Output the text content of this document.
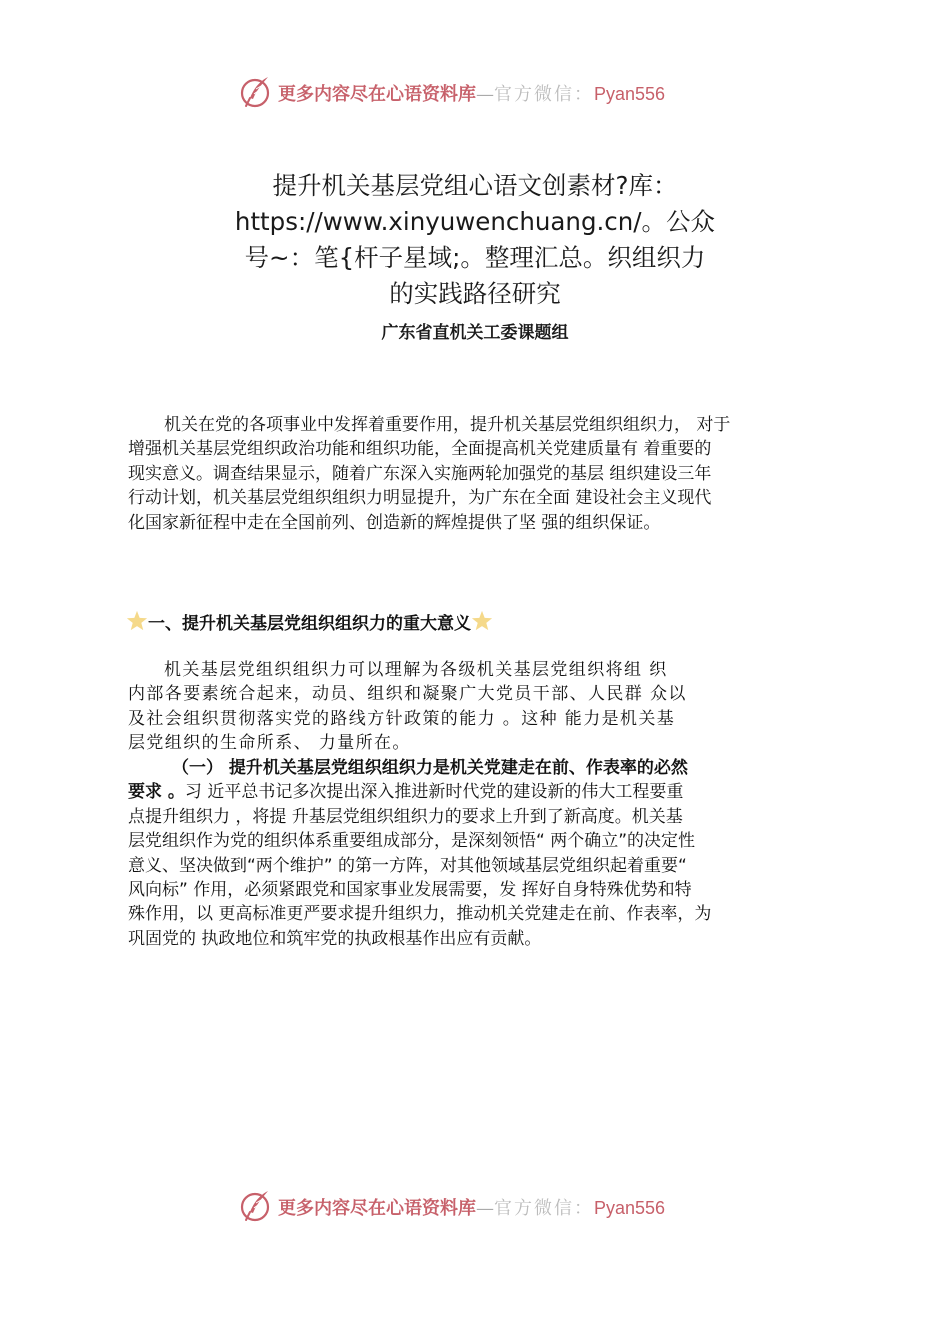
更多内容尽在心语资料库—官方微信：Pyan556
提升机关基层党组心语文创素材?库：
https://www.xinyuwenchuang.cn/。公众
号~：笔{杆子星域;。整理汇总。织组织力
的实践路径研究
广东省直机关工委课题组

机关在党的各项事业中发挥着重要作用，提升机关基层党组织组织力， 对于
增强机关基层党组织政治功能和组织功能，全面提高机关党建质量有 着重要的
现实意义。调查结果显示，随着广东深入实施两轮加强党的基层 组织建设三年
行动计划，机关基层党组织组织力明显提升，为广东在全面 建设社会主义现代
化国家新征程中走在全国前列、创造新的辉煌提供了坚 强的组织保证。

一、提升机关基层党组织组织力的重大意义

机关基层党组织组织力可以理解为各级机关基层党组织将组 织
内部各要素统合起来，动员、组织和凝聚广大党员干部、人民群 众以
及社会组织贯彻落实党的路线方针政策的能力 。这种 能力是机关基
层党组织的生命所系、 力量所在。

（一） 提升机关基层党组织组织力是机关党建走在前、作表率的必然
要求 。习 近平总书记多次提出深入推进新时代党的建设新的伟大工程要重
点提升组织力 ，将提 升基层党组织组织力的要求上升到了新高度。机关基
层党组织作为党的组织体系重要组成部分，是深刻领悟“ 两个确立”的决定性
意义、坚决做到“两个维护” 的第一方阵，对其他领域基层党组织起着重要“
风向标” 作用，必须紧跟党和国家事业发展需要，发 挥好自身特殊优势和特
殊作用，以 更高标准更严要求提升组织力，推动机关党建走在前、作表率，为
巩固党的 执政地位和筑牢党的执政根基作出应有贡献。

更多内容尽在心语资料库—官方微信：Pyan556
